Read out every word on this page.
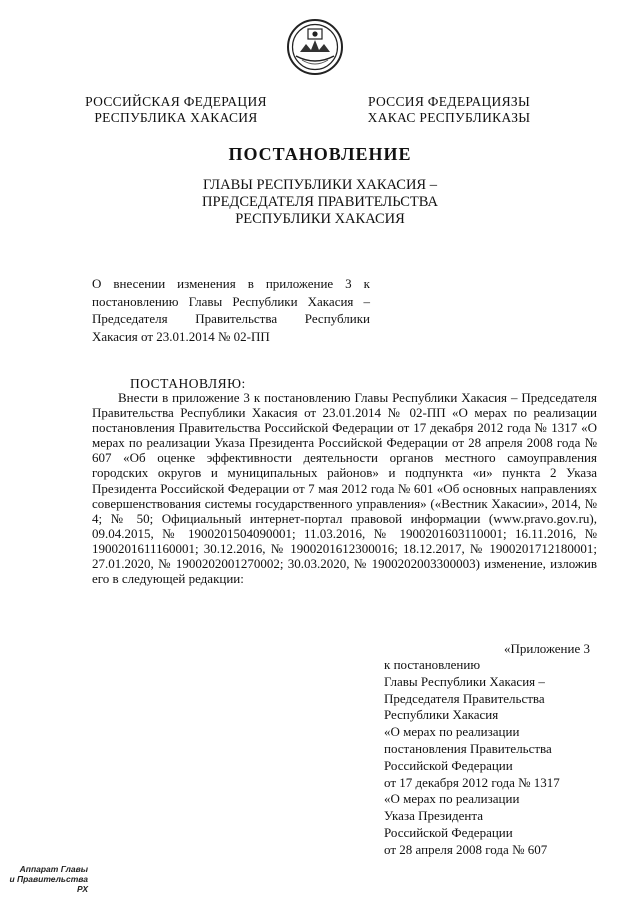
РОССИЙСКАЯ ФЕДЕРАЦИЯ
РЕСПУБЛИКА ХАКАСИЯ
РОССИЯ ФЕДЕРАЦИЯЗЫ
ХАКАС РЕСПУБЛИКАЗЫ
ПОСТАНОВЛЕНИЕ
ГЛАВЫ РЕСПУБЛИКИ ХАКАСИЯ –
ПРЕДСЕДАТЕЛЯ ПРАВИТЕЛЬСТВА
РЕСПУБЛИКИ ХАКАСИЯ
О внесении изменения в приложение 3 к постановлению Главы Республики Хакасия – Председателя Правительства Республики Хакасия от 23.01.2014 № 02-ПП
ПОСТАНОВЛЯЮ:

Внести в приложение 3 к постановлению Главы Республики Хакасия – Председателя Правительства Республики Хакасия от 23.01.2014 № 02-ПП «О мерах по реализации постановления Правительства Российской Федерации от 17 декабря 2012 года № 1317 «О мерах по реализации Указа Президента Российской Федерации от 28 апреля 2008 года № 607 «Об оценке эффективности деятельности органов местного самоуправления городских округов и муниципальных районов» и подпункта «и» пункта 2 Указа Президента Российской Федерации от 7 мая 2012 года № 601 «Об основных направлениях совершенствования системы государственного управления» («Вестник Хакасии», 2014, № 4; № 50; Официальный интернет-портал правовой информации (www.pravo.gov.ru), 09.04.2015, № 1900201504090001; 11.03.2016, № 1900201603110001; 16.11.2016, № 1900201611160001; 30.12.2016, № 1900201612300016; 18.12.2017, № 1900201712180001; 27.01.2020, № 1900202001270002; 30.03.2020, № 1900202003300003) изменение, изложив его в следующей редакции:

«Приложение 3
к постановлению
Главы Республики Хакасия –
Председателя Правительства
Республики Хакасия
«О мерах по реализации
постановления Правительства
Российской Федерации
от 17 декабря 2012 года № 1317
«О мерах по реализации
Указа Президента
Российской Федерации
от 28 апреля 2008 года № 607
Аппарат Главы
и Правительства РХ
